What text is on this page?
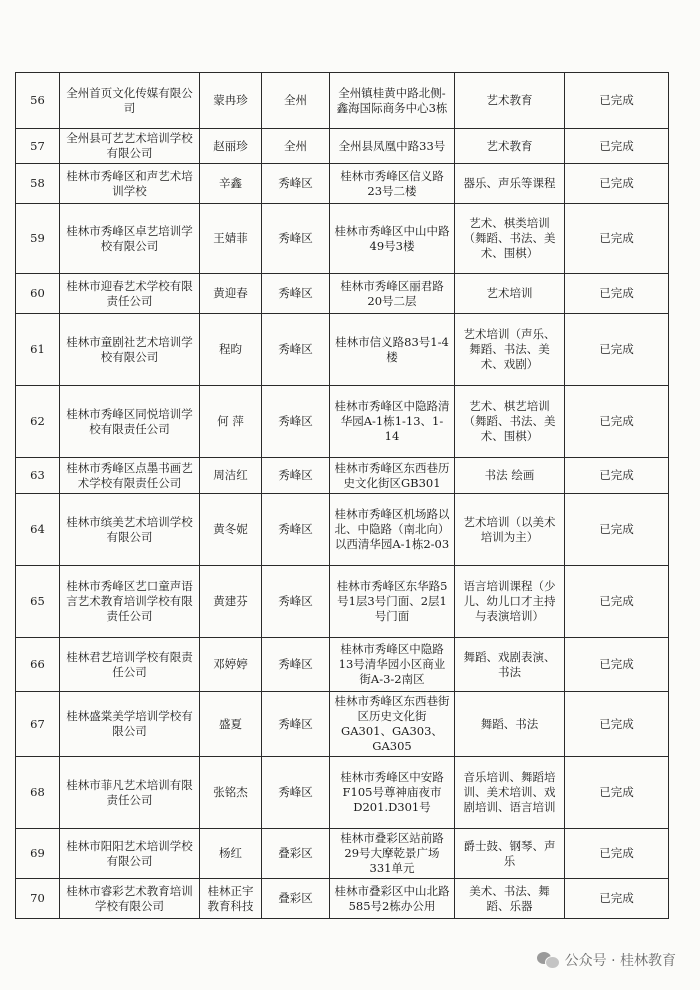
56	全州首页文化传媒有限公司	蒙冉珍	全州	全州镇桂黄中路北侧-鑫海国际商务中心3栋	艺术教育	已完成
57	全州县可艺艺术培训学校有限公司	赵丽珍	全州	全州县凤凰中路33号	艺术教育	已完成
58	桂林市秀峰区和声艺术培训学校	辛鑫	秀峰区	桂林市秀峰区信义路23号二楼	器乐、声乐等课程	已完成
59	桂林市秀峰区卓艺培训学校有限公司	王婧菲	秀峰区	桂林市秀峰区中山中路49号3楼	艺术、棋类培训（舞蹈、书法、美术、围棋）	已完成
60	桂林市迎春艺术学校有限责任公司	黄迎春	秀峰区	桂林市秀峰区丽君路20号二层	艺术培训	已完成
61	桂林市童剧社艺术培训学校有限公司	程昀	秀峰区	桂林市信义路83号1-4楼	艺术培训（声乐、舞蹈、书法、美术、戏剧）	已完成
62	桂林市秀峰区同悦培训学校有限责任公司	何 萍	秀峰区	桂林市秀峰区中隐路清华园A-1栋1-13、1-14	艺术、棋艺培训（舞蹈、书法、美术、围棋）	已完成
63	桂林市秀峰区点墨书画艺术学校有限责任公司	周洁红	秀峰区	桂林市秀峰区东西巷历史文化街区GB301	书法 绘画	已完成
64	桂林市缤美艺术培训学校有限公司	黄冬妮	秀峰区	桂林市秀峰区机场路以北、中隐路（南北向）以西清华园A-1栋2-03	艺术培训（以美术培训为主）	已完成
65	桂林市秀峰区艺口童声语言艺术教育培训学校有限责任公司	黄建芬	秀峰区	桂林市秀峰区东华路5号1层3号门面、2层1号门面	语言培训课程（少儿、幼儿口才主持与表演培训）	已完成
66	桂林君艺培训学校有限责任公司	邓婷婷	秀峰区	桂林市秀峰区中隐路13号清华园小区商业街A-3-2南区	舞蹈、戏剧表演、书法	已完成
67	桂林盛棠美学培训学校有限公司	盛夏	秀峰区	桂林市秀峰区东西巷街区历史文化街GA301、GA303、GA305	舞蹈、书法	已完成
68	桂林市菲凡艺术培训有限责任公司	张铭杰	秀峰区	桂林市秀峰区中安路F105号尊神庙夜市D201.D301号	音乐培训、舞蹈培训、美术培训、戏剧培训、语言培训	已完成
69	桂林市阳阳艺术培训学校有限公司	杨红	叠彩区	桂林市叠彩区站前路29号大摩乾景广场331单元	爵士鼓、钢琴、声乐	已完成
70	桂林市睿彩艺术教育培训学校有限公司	桂林正宇教育科技	叠彩区	桂林市叠彩区中山北路585号2栋办公用	美术、书法、舞蹈、乐器	已完成
公众号 · 桂林教育
